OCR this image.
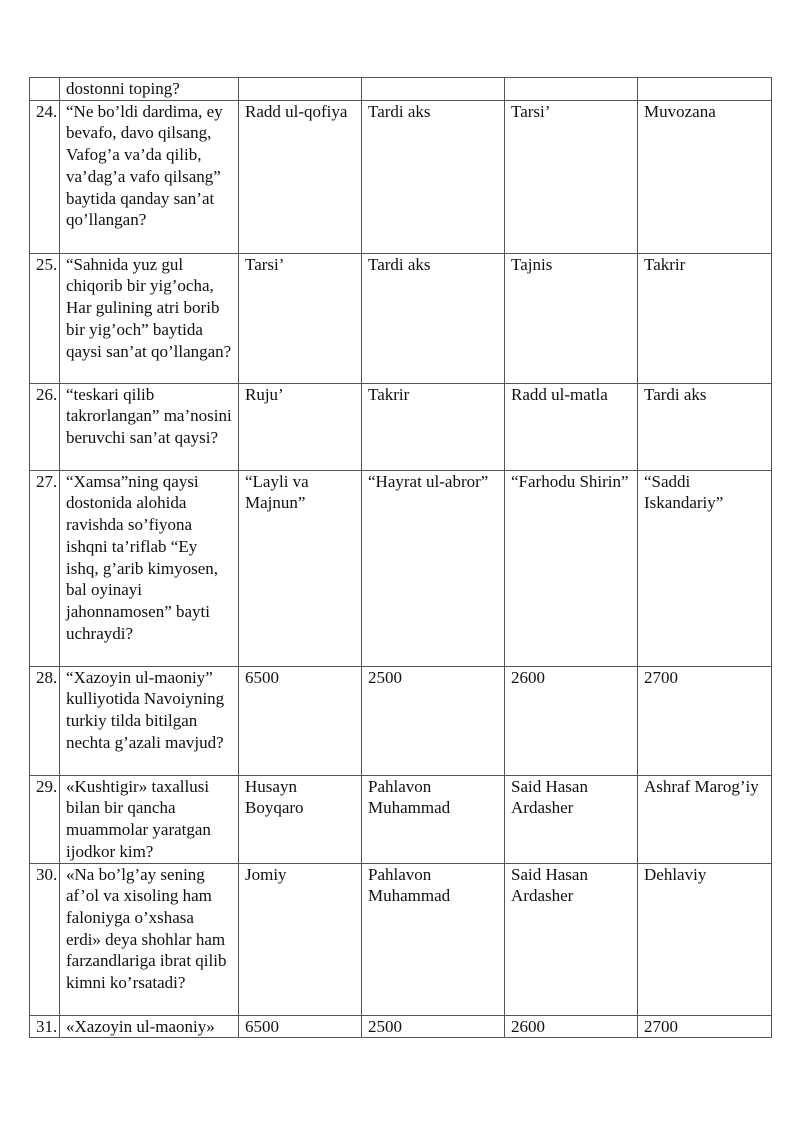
	dostonni toping?				
24.	“Ne bo’ldi dardima, ey bevafo, davo qilsang, Vafog’a va’da qilib, va’dag’a vafo qilsang” baytida qanday san’at qo’llangan?	Radd ul-qofiya	Tardi aks	Tarsi’	Muvozana
25.	“Sahnida yuz gul chiqorib bir yig’ocha, Har gulining atri borib bir yig’och” baytida qaysi san’at qo’llangan?	Tarsi’	Tardi aks	Tajnis	Takrir
26.	“teskari qilib takrorlangan” ma’nosini beruvchi san’at qaysi?	Ruju’	Takrir	Radd ul-matla	Tardi aks
27.	“Xamsa”ning qaysi dostonida alohida ravishda so’fiyona ishqni ta’riflab “Ey ishq, g’arib kimyosen, bal oyinayi jahonnamosen” bayti uchraydi?	“Layli va Majnun”	“Hayrat ul-abror”	“Farhodu Shirin”	“Saddi Iskandariy”
28.	“Xazoyin ul-maoniy” kulliyotida Navoiyning turkiy tilda bitilgan nechta g’azali mavjud?	6500	2500	2600	2700
29.	«Kushtigir» taxallusi bilan bir qancha muammolar yaratgan ijodkor kim?	Husayn Boyqaro	Pahlavon Muhammad	Said Hasan Ardasher	Ashraf Marog’iy
30.	«Na bo’lg’ay sening af’ol va xisoling ham faloniyga o’xshasa erdi» deya shohlar ham farzandlariga ibrat qilib kimni ko’rsatadi?	Jomiy	Pahlavon Muhammad	Said Hasan Ardasher	Dehlaviy
31.	«Xazoyin ul-maoniy»	6500	2500	2600	2700
